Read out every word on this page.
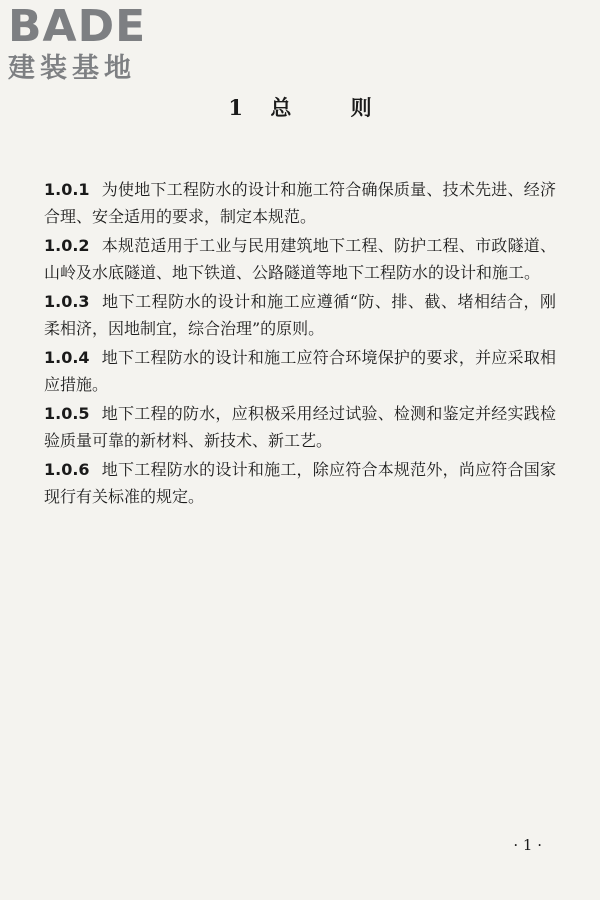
BADE
建装基地
1 总	则

1.0.1 为使地下工程防水的设计和施工符合确保质量、技术先进、经济合理、安全适用的要求，制定本规范。

1.0.2 本规范适用于工业与民用建筑地下工程、防护工程、市政隧道、山岭及水底隧道、地下铁道、公路隧道等地下工程防水的设计和施工。

1.0.3 地下工程防水的设计和施工应遵循“防、排、截、堵相结合，刚柔相济，因地制宜，综合治理”的原则。

1.0.4 地下工程防水的设计和施工应符合环境保护的要求，并应采取相应措施。

1.0.5 地下工程的防水，应积极采用经过试验、检测和鉴定并经实践检验质量可靠的新材料、新技术、新工艺。

1.0.6 地下工程防水的设计和施工，除应符合本规范外，尚应符合国家现行有关标准的规定。

· 1 ·
